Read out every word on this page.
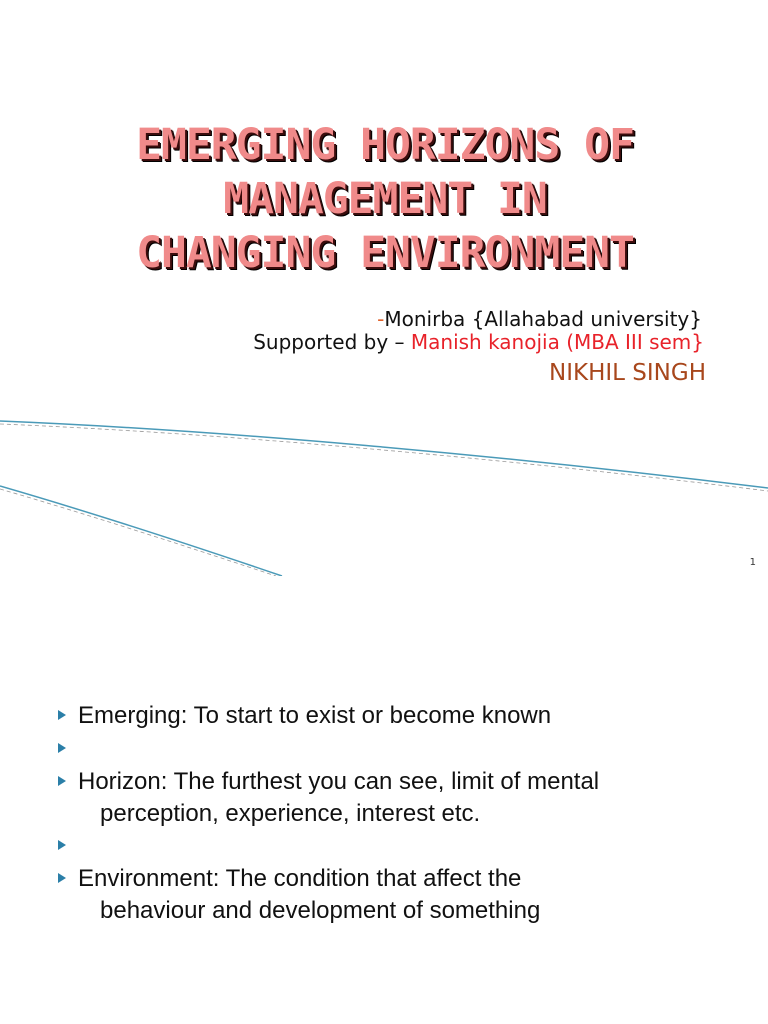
EMERGING HORIZONS OF
MANAGEMENT IN
CHANGING ENVIRONMENT
-Monirba {Allahabad university}
Supported by – Manish kanojia (MBA III sem}
NIKHIL SINGH
1
Emerging: To start to exist or become known
Horizon: The furthest you can see, limit of mental
perception, experience, interest etc.
Environment: The condition that affect the
behaviour and development of something
